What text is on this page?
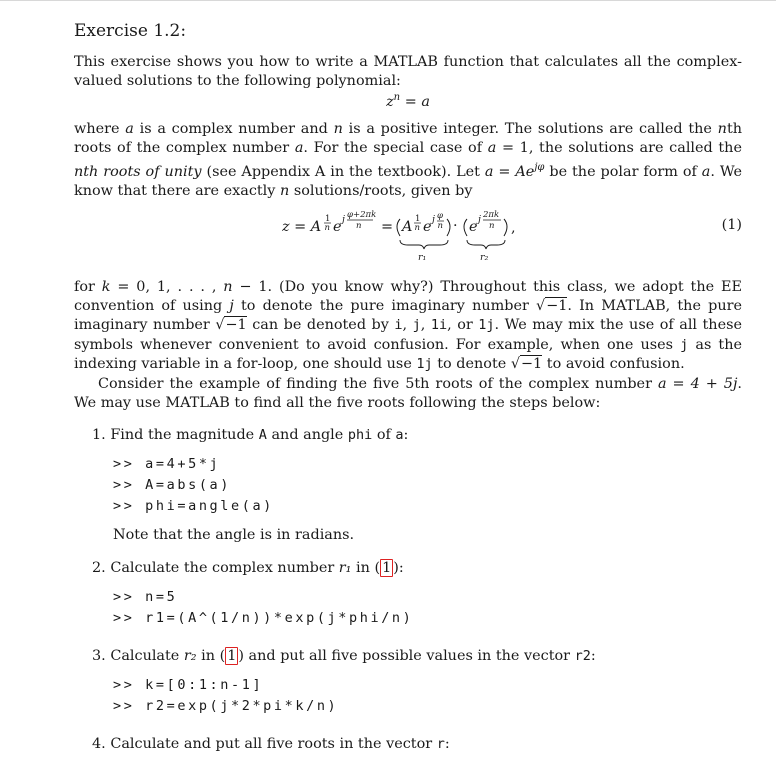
Exercise 1.2:
This exercise shows you how to write a MATLAB function that calculates all the complex-valued solutions to the following polynomial:
$z^n = a$
where a is a complex number and n is a positive integer. The solutions are called the nth roots of the complex number a. For the special case of a = 1, the solutions are called the nth roots of unity (see Appendix A in the textbook). Let $a = Ae^{j\varphi}$ be the polar form of a. We know that there are exactly n solutions/roots, given by
z = A 1
n e j φ+2πk
n = A 1
n e j φ
n
r₁
· e j 2πk
n ,
r₂
(1)
for k = 0, 1, . . . , n − 1. (Do you know why?) Throughout this class, we adopt the EE convention of using j to denote the pure imaginary number √−1. In MATLAB, the pure imaginary number √−1 can be denoted by i, j, 1i, or 1j. We may mix the use of all these symbols whenever convenient to avoid confusion. For example, when one uses j as the indexing variable in a for-loop, one should use 1j to denote √−1 to avoid confusion.
Consider the example of finding the five 5th roots of the complex number a = 4 + 5j. We may use MATLAB to find all the five roots following the steps below:
1. Find the magnitude A and angle phi of a:
>> a=4+5*j
>> A=abs(a)
>> phi=angle(a)
Note that the angle is in radians.
2. Calculate the complex number r₁ in ( 1 ):
>> n=5
>> r1=(A^(1/n))*exp(j*phi/n)
3. Calculate r₂ in ( 1 ) and put all five possible values in the vector r2:
>> k=[0:1:n-1]
>> r2=exp(j*2*pi*k/n)
4. Calculate and put all five roots in the vector r:
